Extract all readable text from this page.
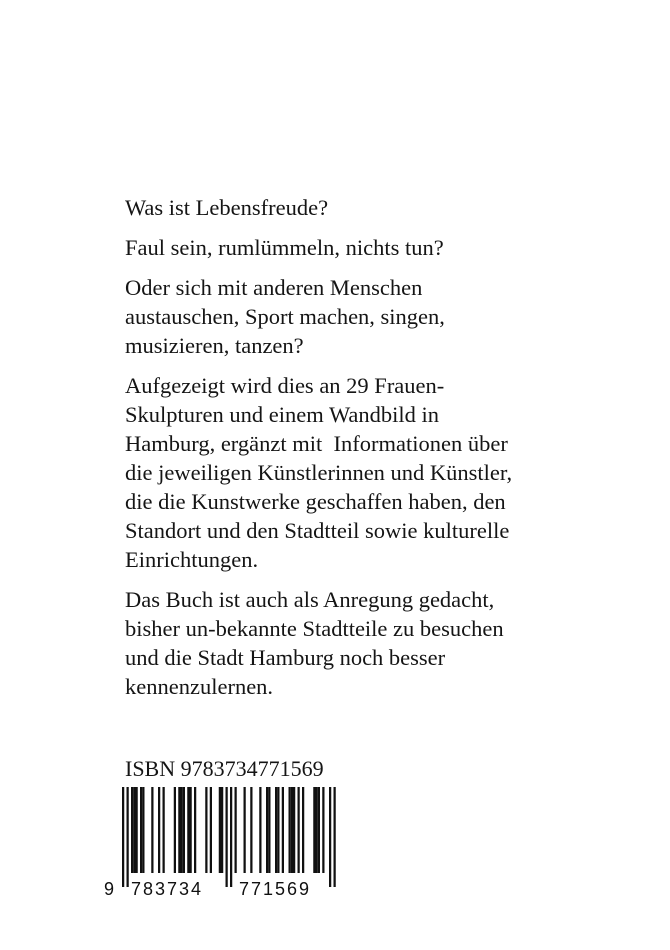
Was ist Lebensfreude?

Faul sein, rumlümmeln, nichts tun?

Oder sich mit anderen Menschen
austauschen, Sport machen, singen,
musizieren, tanzen?

Aufgezeigt wird dies an 29 Frauen-
Skulpturen und einem Wandbild in
Hamburg, ergänzt mit  Informationen über
die jeweiligen Künstlerinnen und Künstler,
die die Kunstwerke geschaffen haben, den
Standort und den Stadtteil sowie kulturelle
Einrichtungen.

Das Buch ist auch als Anregung gedacht,
bisher un-bekannte Stadtteile zu besuchen
und die Stadt Hamburg noch besser
kennenzulernen.

ISBN 9783734771569
9 783734 771569
